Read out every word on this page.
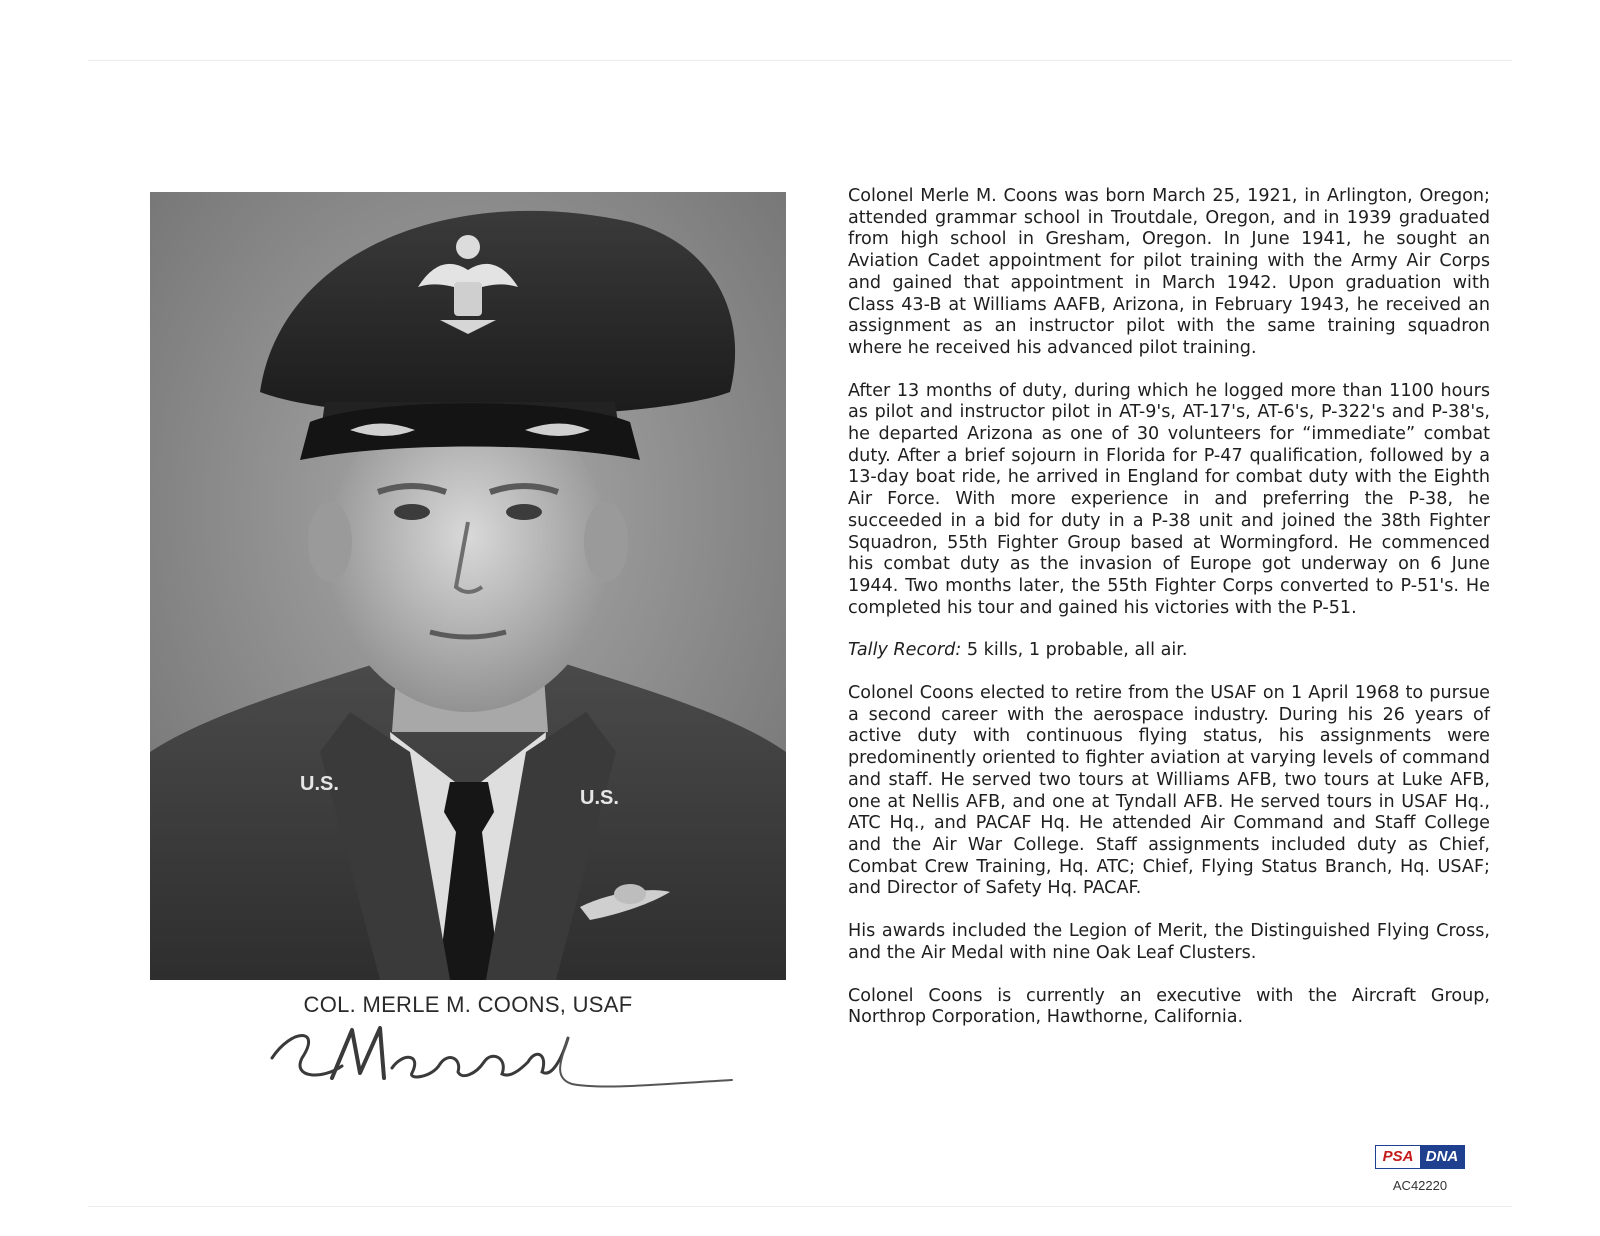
U.S.
U.S.
COL. MERLE M. COONS, USAF

Colonel Merle M. Coons was born March 25, 1921, in Arlington, Oregon; attended grammar school in Troutdale, Oregon, and in 1939 graduated from high school in Gresham, Oregon. In June 1941, he sought an Aviation Cadet appointment for pilot training with the Army Air Corps and gained that appointment in March 1942. Upon graduation with Class 43-B at Williams AAFB, Arizona, in February 1943, he received an assignment as an instructor pilot with the same training squadron where he received his advanced pilot training.

After 13 months of duty, during which he logged more than 1100 hours as pilot and instructor pilot in AT-9's, AT-17's, AT-6's, P-322's and P-38's, he departed Arizona as one of 30 volunteers for “immediate” combat duty. After a brief sojourn in Florida for P-47 qualification, followed by a 13-day boat ride, he arrived in England for combat duty with the Eighth Air Force. With more experience in and preferring the P-38, he succeeded in a bid for duty in a P-38 unit and joined the 38th Fighter Squadron, 55th Fighter Group based at Wormingford. He commenced his combat duty as the invasion of Europe got underway on 6 June 1944. Two months later, the 55th Fighter Corps converted to P-51's. He completed his tour and gained his victories with the P-51.

Tally Record: 5 kills, 1 probable, all air.

Colonel Coons elected to retire from the USAF on 1 April 1968 to pursue a second career with the aerospace industry. During his 26 years of active duty with continuous flying status, his assignments were predominently oriented to fighter aviation at varying levels of command and staff. He served two tours at Williams AFB, two tours at Luke AFB, one at Nellis AFB, and one at Tyndall AFB. He served tours in USAF Hq., ATC Hq., and PACAF Hq. He attended Air Command and Staff College and the Air War College. Staff assignments included duty as Chief, Combat Crew Training, Hq. ATC; Chief, Flying Status Branch, Hq. USAF; and Director of Safety Hq. PACAF.

His awards included the Legion of Merit, the Distinguished Flying Cross, and the Air Medal with nine Oak Leaf Clusters.

Colonel Coons is currently an executive with the Aircraft Group, Northrop Corporation, Hawthorne, California.

PSA DNA
AC42220
